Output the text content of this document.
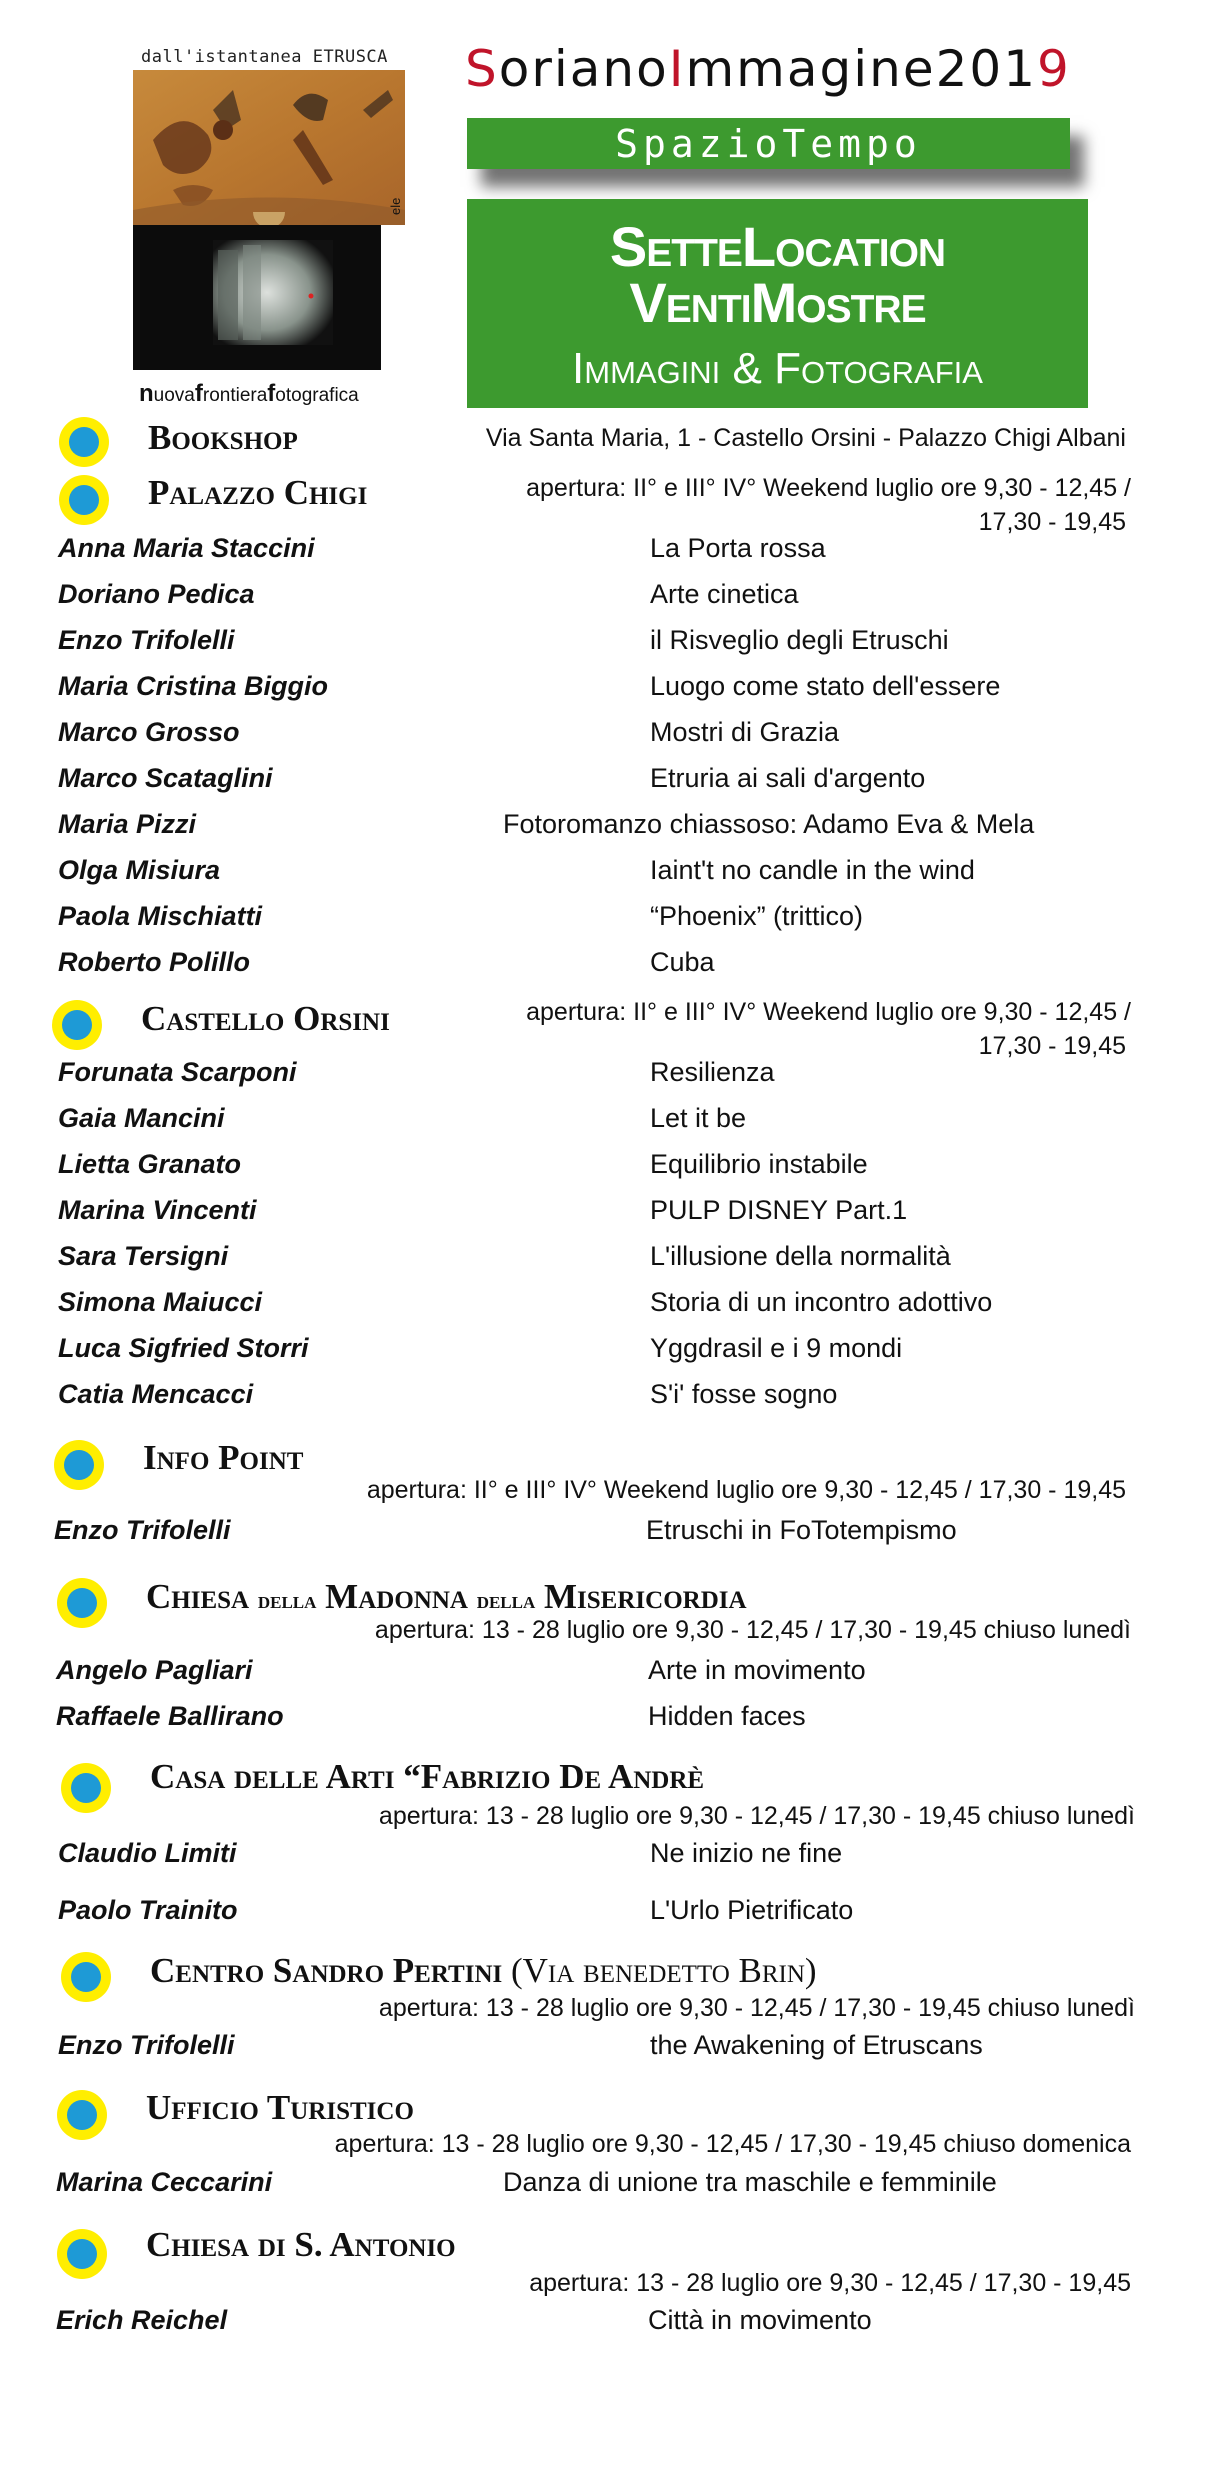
dall'istantanea ETRUSCA
ele
nuovafrontierafotografica
SorianoImmagine2019
SpazioTempo
SetteLocation
VentiMostre
Immagini & Fotografia
Bookshop	Via Santa Maria, 1 - Castello Orsini - Palazzo Chigi Albani
Palazzo Chigi	apertura: II° e III° IV° Weekend luglio ore 9,30 - 12,45 /
17,30 - 19,45
Anna Maria Staccini	La Porta rossa
Doriano Pedica	Arte cinetica
Enzo Trifolelli	il Risveglio degli Etruschi
Maria Cristina Biggio	Luogo come stato dell'essere
Marco Grosso	Mostri di Grazia
Marco Scataglini	Etruria ai sali d'argento
Maria Pizzi	Fotoromanzo chiassoso: Adamo Eva & Mela
Olga Misiura	Iaint't no candle in the wind
Paola Mischiatti	“Phoenix” (trittico)
Roberto Polillo	Cuba
Castello Orsini	apertura: II° e III° IV° Weekend luglio ore 9,30 - 12,45 /
17,30 - 19,45
Forunata Scarponi	Resilienza
Gaia Mancini	Let it be
Lietta Granato	Equilibrio instabile
Marina Vincenti	PULP DISNEY Part.1
Sara Tersigni	L'illusione della normalità
Simona Maiucci	Storia di un incontro adottivo
Luca Sigfried Storri	Yggdrasil e i 9 mondi
Catia Mencacci	S'i' fosse sogno
Info Point
apertura: II° e III° IV° Weekend luglio ore 9,30 - 12,45 / 17,30 - 19,45
Enzo Trifolelli	Etruschi in FoTotempismo
Chiesa della Madonna della Misericordia
apertura: 13 - 28 luglio ore 9,30 - 12,45 / 17,30 - 19,45 chiuso lunedì
Angelo Pagliari	Arte in movimento
Raffaele Ballirano	Hidden faces
Casa delle Arti “Fabrizio De Andrè
apertura: 13 - 28 luglio ore 9,30 - 12,45 / 17,30 - 19,45 chiuso lunedì
Claudio Limiti	Ne inizio ne fine
Paolo Trainito	L'Urlo Pietrificato
Centro Sandro Pertini (Via benedetto Brin)
apertura: 13 - 28 luglio ore 9,30 - 12,45 / 17,30 - 19,45 chiuso lunedì
Enzo Trifolelli	the Awakening of Etruscans
Ufficio Turistico
apertura: 13 - 28 luglio ore 9,30 - 12,45 / 17,30 - 19,45 chiuso domenica
Marina Ceccarini	Danza di unione tra maschile e femminile
Chiesa di S. Antonio
apertura: 13 - 28 luglio ore 9,30 - 12,45 / 17,30 - 19,45
Erich Reichel	Città in movimento
